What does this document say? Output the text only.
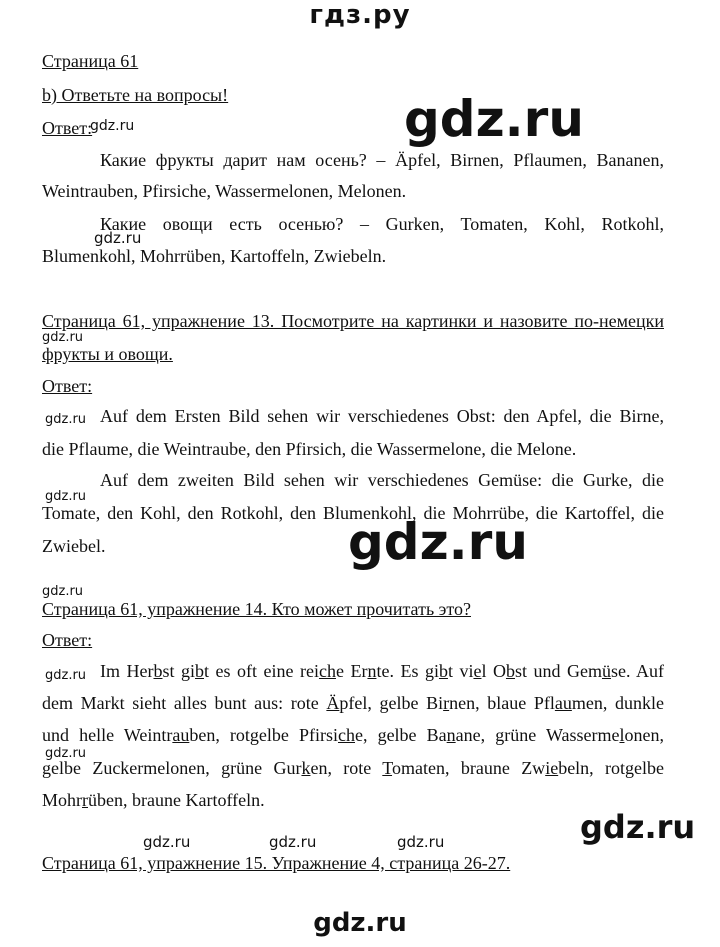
гдз.ру
gdz.ru
gdz.ru
gdz.ru
gdz.ru
gdz.ru
gdz.ru
gdz.ru
gdz.ru
gdz.ru
gdz.ru
gdz.ru
gdz.ru	gdz.ru	gdz.ru
Страница 61
b) Ответьте на вопросы!
Ответ:
Какие фрукты дарит нам осень? – Äpfel, Birnen, Pflaumen, Bananen,
Weintrauben, Pfirsiche, Wassermelonen, Melonen.
Какие овощи есть осенью? – Gurken, Tomaten, Kohl, Rotkohl,
Blumenkohl, Mohrrüben, Kartoffeln, Zwiebeln.
Страница 61, упражнение 13. Посмотрите на картинки и назовите по-немецки
фрукты и овощи.
Ответ:
Auf dem Ersten Bild sehen wir verschiedenes Obst: den Apfel, die Birne,
die Pflaume, die Weintraube, den Pfirsich, die Wassermelone, die Melone.
Auf dem zweiten Bild sehen wir verschiedenes Gemüse: die Gurke, die
Tomate, den Kohl, den Rotkohl, den Blumenkohl, die Mohrrübe, die Kartoffel, die
Zwiebel.
Страница 61, упражнение 14. Кто может прочитать это?
Ответ:
Im Herbst gibt es oft eine reiche Ernte. Es gibt viel Obst und Gemüse. Auf
dem Markt sieht alles bunt aus: rote Äpfel, gelbe Birnen, blaue Pflaumen, dunkle
und helle Weintrauben, rotgelbe Pfirsiche, gelbe Banane, grüne Wassermelonen,
gelbe Zuckermelonen, grüne Gurken, rote Tomaten, braune Zwiebeln, rotgelbe
Mohrrüben, braune Kartoffeln.
Страница 61, упражнение 15. Упражнение 4, страница 26-27.
gdz.ru
